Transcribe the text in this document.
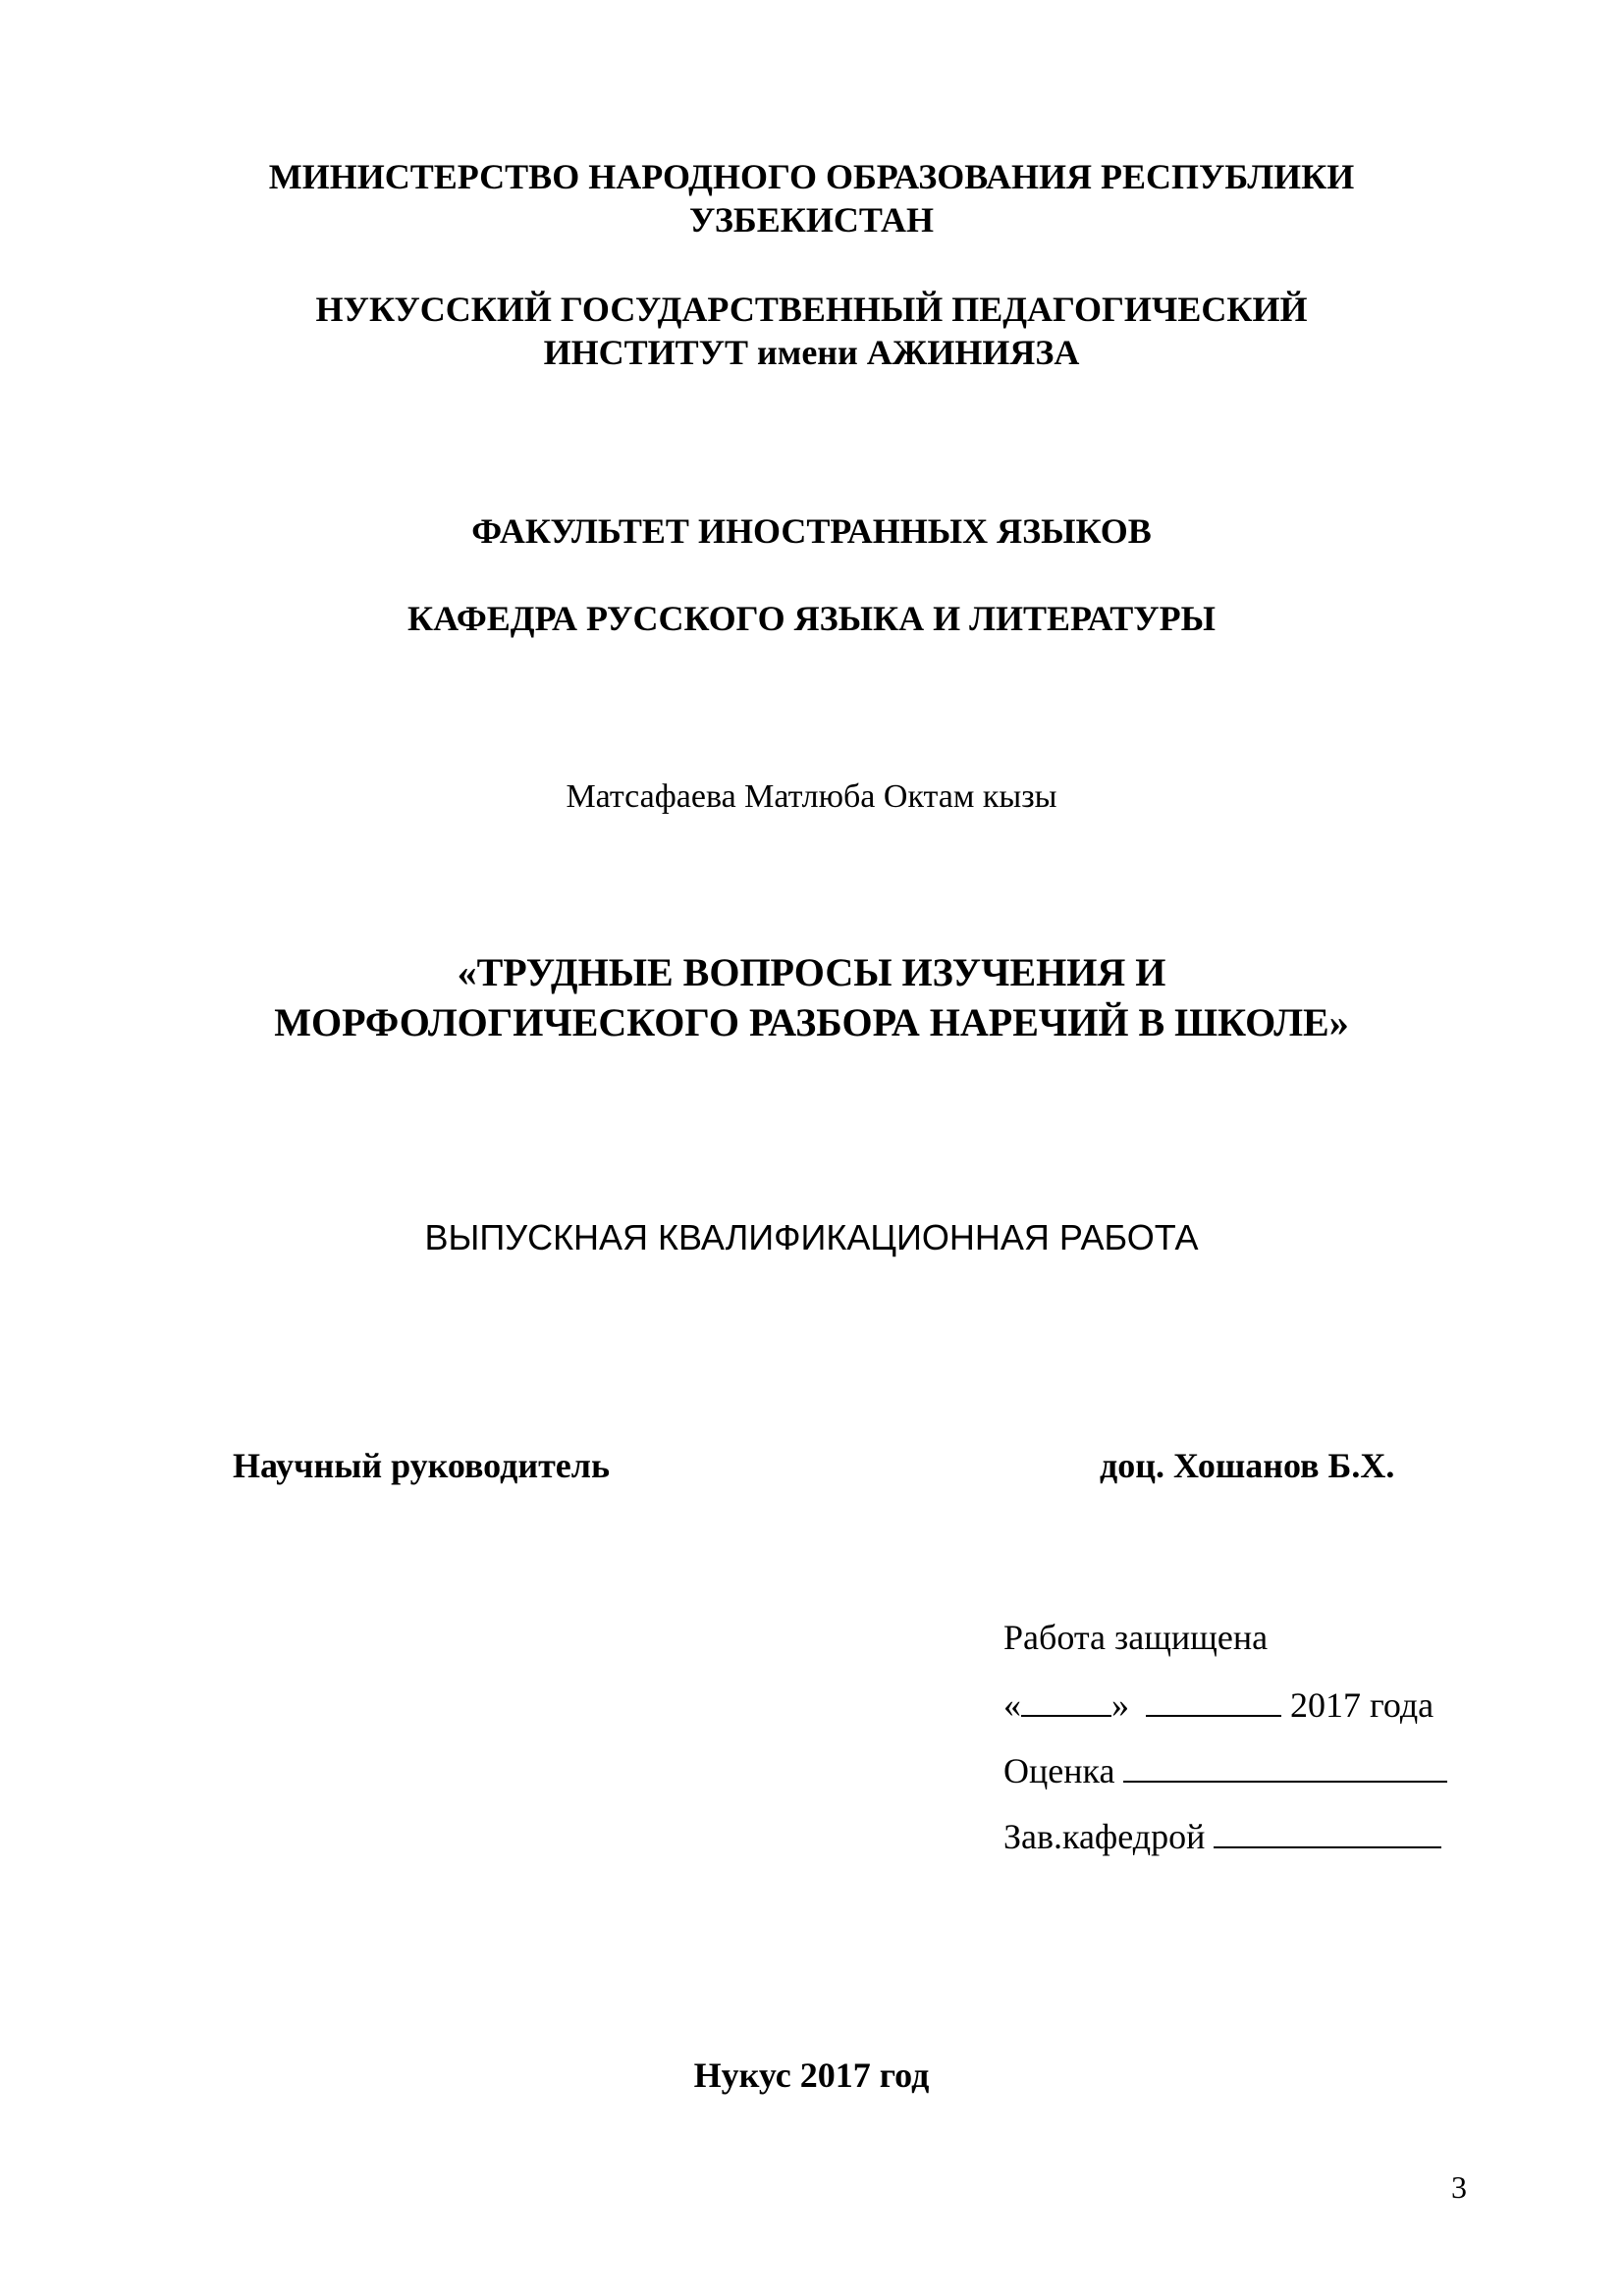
МИНИСТЕРСТВО НАРОДНОГО ОБРАЗОВАНИЯ РЕСПУБЛИКИ
УЗБЕКИСТАН
НУКУССКИЙ ГОСУДАРСТВЕННЫЙ ПЕДАГОГИЧЕСКИЙ
ИНСТИТУТ имени АЖИНИЯЗА
ФАКУЛЬТЕТ ИНОСТРАННЫХ ЯЗЫКОВ
КАФЕДРА РУССКОГО ЯЗЫКА И ЛИТЕРАТУРЫ
Матсафаева Матлюба Октам кызы
«ТРУДНЫЕ ВОПРОСЫ ИЗУЧЕНИЯ И
МОРФОЛОГИЧЕСКОГО РАЗБОРА НАРЕЧИЙ В ШКОЛЕ»
ВЫПУСКНАЯ КВАЛИФИКАЦИОННАЯ РАБОТА
Научный руководитель	доц. Хошанов Б.Х.
Работа защищена
«	»	2017 года
Оценка
Зав.кафедрой
Нукус 2017 год
3
